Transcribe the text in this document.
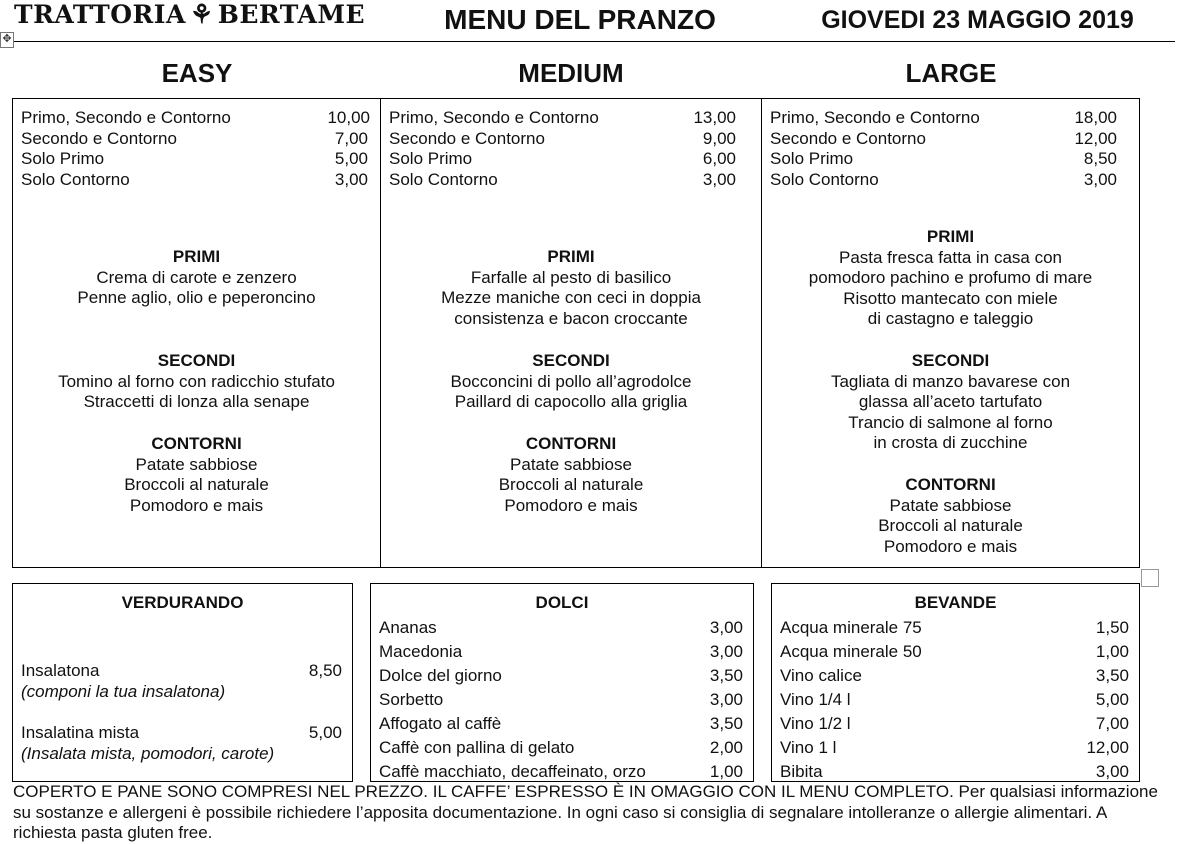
TRATTORIA ⚘ BERTAME	MENU DEL PRANZO	GIOVEDI 23 MAGGIO 2019
✥
EASY	MEDIUM	LARGE
Primo, Secondo e Contorno	10,00
Secondo e Contorno	7,00
Solo Primo	5,00
Solo Contorno	3,00
PRIMI
Crema di carote e zenzero
Penne aglio, olio e peperoncino
SECONDI
Tomino al forno con radicchio stufato
Straccetti di lonza alla senape
CONTORNI
Patate sabbiose
Broccoli al naturale
Pomodoro e mais
Primo, Secondo e Contorno	13,00
Secondo e Contorno	9,00
Solo Primo	6,00
Solo Contorno	3,00
PRIMI
Farfalle al pesto di basilico
Mezze maniche con ceci in doppia
consistenza e bacon croccante
SECONDI
Bocconcini di pollo all’agrodolce
Paillard di capocollo alla griglia
CONTORNI
Patate sabbiose
Broccoli al naturale
Pomodoro e mais
Primo, Secondo e Contorno	18,00
Secondo e Contorno	12,00
Solo Primo	8,50
Solo Contorno	3,00
PRIMI
Pasta fresca fatta in casa con
pomodoro pachino e profumo di mare
Risotto mantecato con miele
di castagno e taleggio
SECONDI
Tagliata di manzo bavarese con
glassa all’aceto tartufato
Trancio di salmone al forno
in crosta di zucchine
CONTORNI
Patate sabbiose
Broccoli al naturale
Pomodoro e mais
VERDURANDO
Insalatona	8,50
(componi la tua insalatona)
Insalatina mista	5,00
(Insalata mista, pomodori, carote)
DOLCI
Ananas	3,00
Macedonia	3,00
Dolce del giorno	3,50
Sorbetto	3,00
Affogato al caffè	3,50
Caffè con pallina di gelato	2,00
Caffè macchiato, decaffeinato, orzo	1,00
BEVANDE
Acqua minerale 75	1,50
Acqua minerale 50	1,00
Vino calice	3,50
Vino 1/4 l	5,00
Vino 1/2 l	7,00
Vino 1 l	12,00
Bibita	3,00
COPERTO E PANE SONO COMPRESI NEL PREZZO. IL CAFFE’ ESPRESSO È IN OMAGGIO CON IL MENU COMPLETO. Per qualsiasi informazione su sostanze e allergeni è possibile richiedere l’apposita documentazione. In ogni caso si consiglia di segnalare intolleranze o allergie alimentari. A richiesta pasta gluten free.
